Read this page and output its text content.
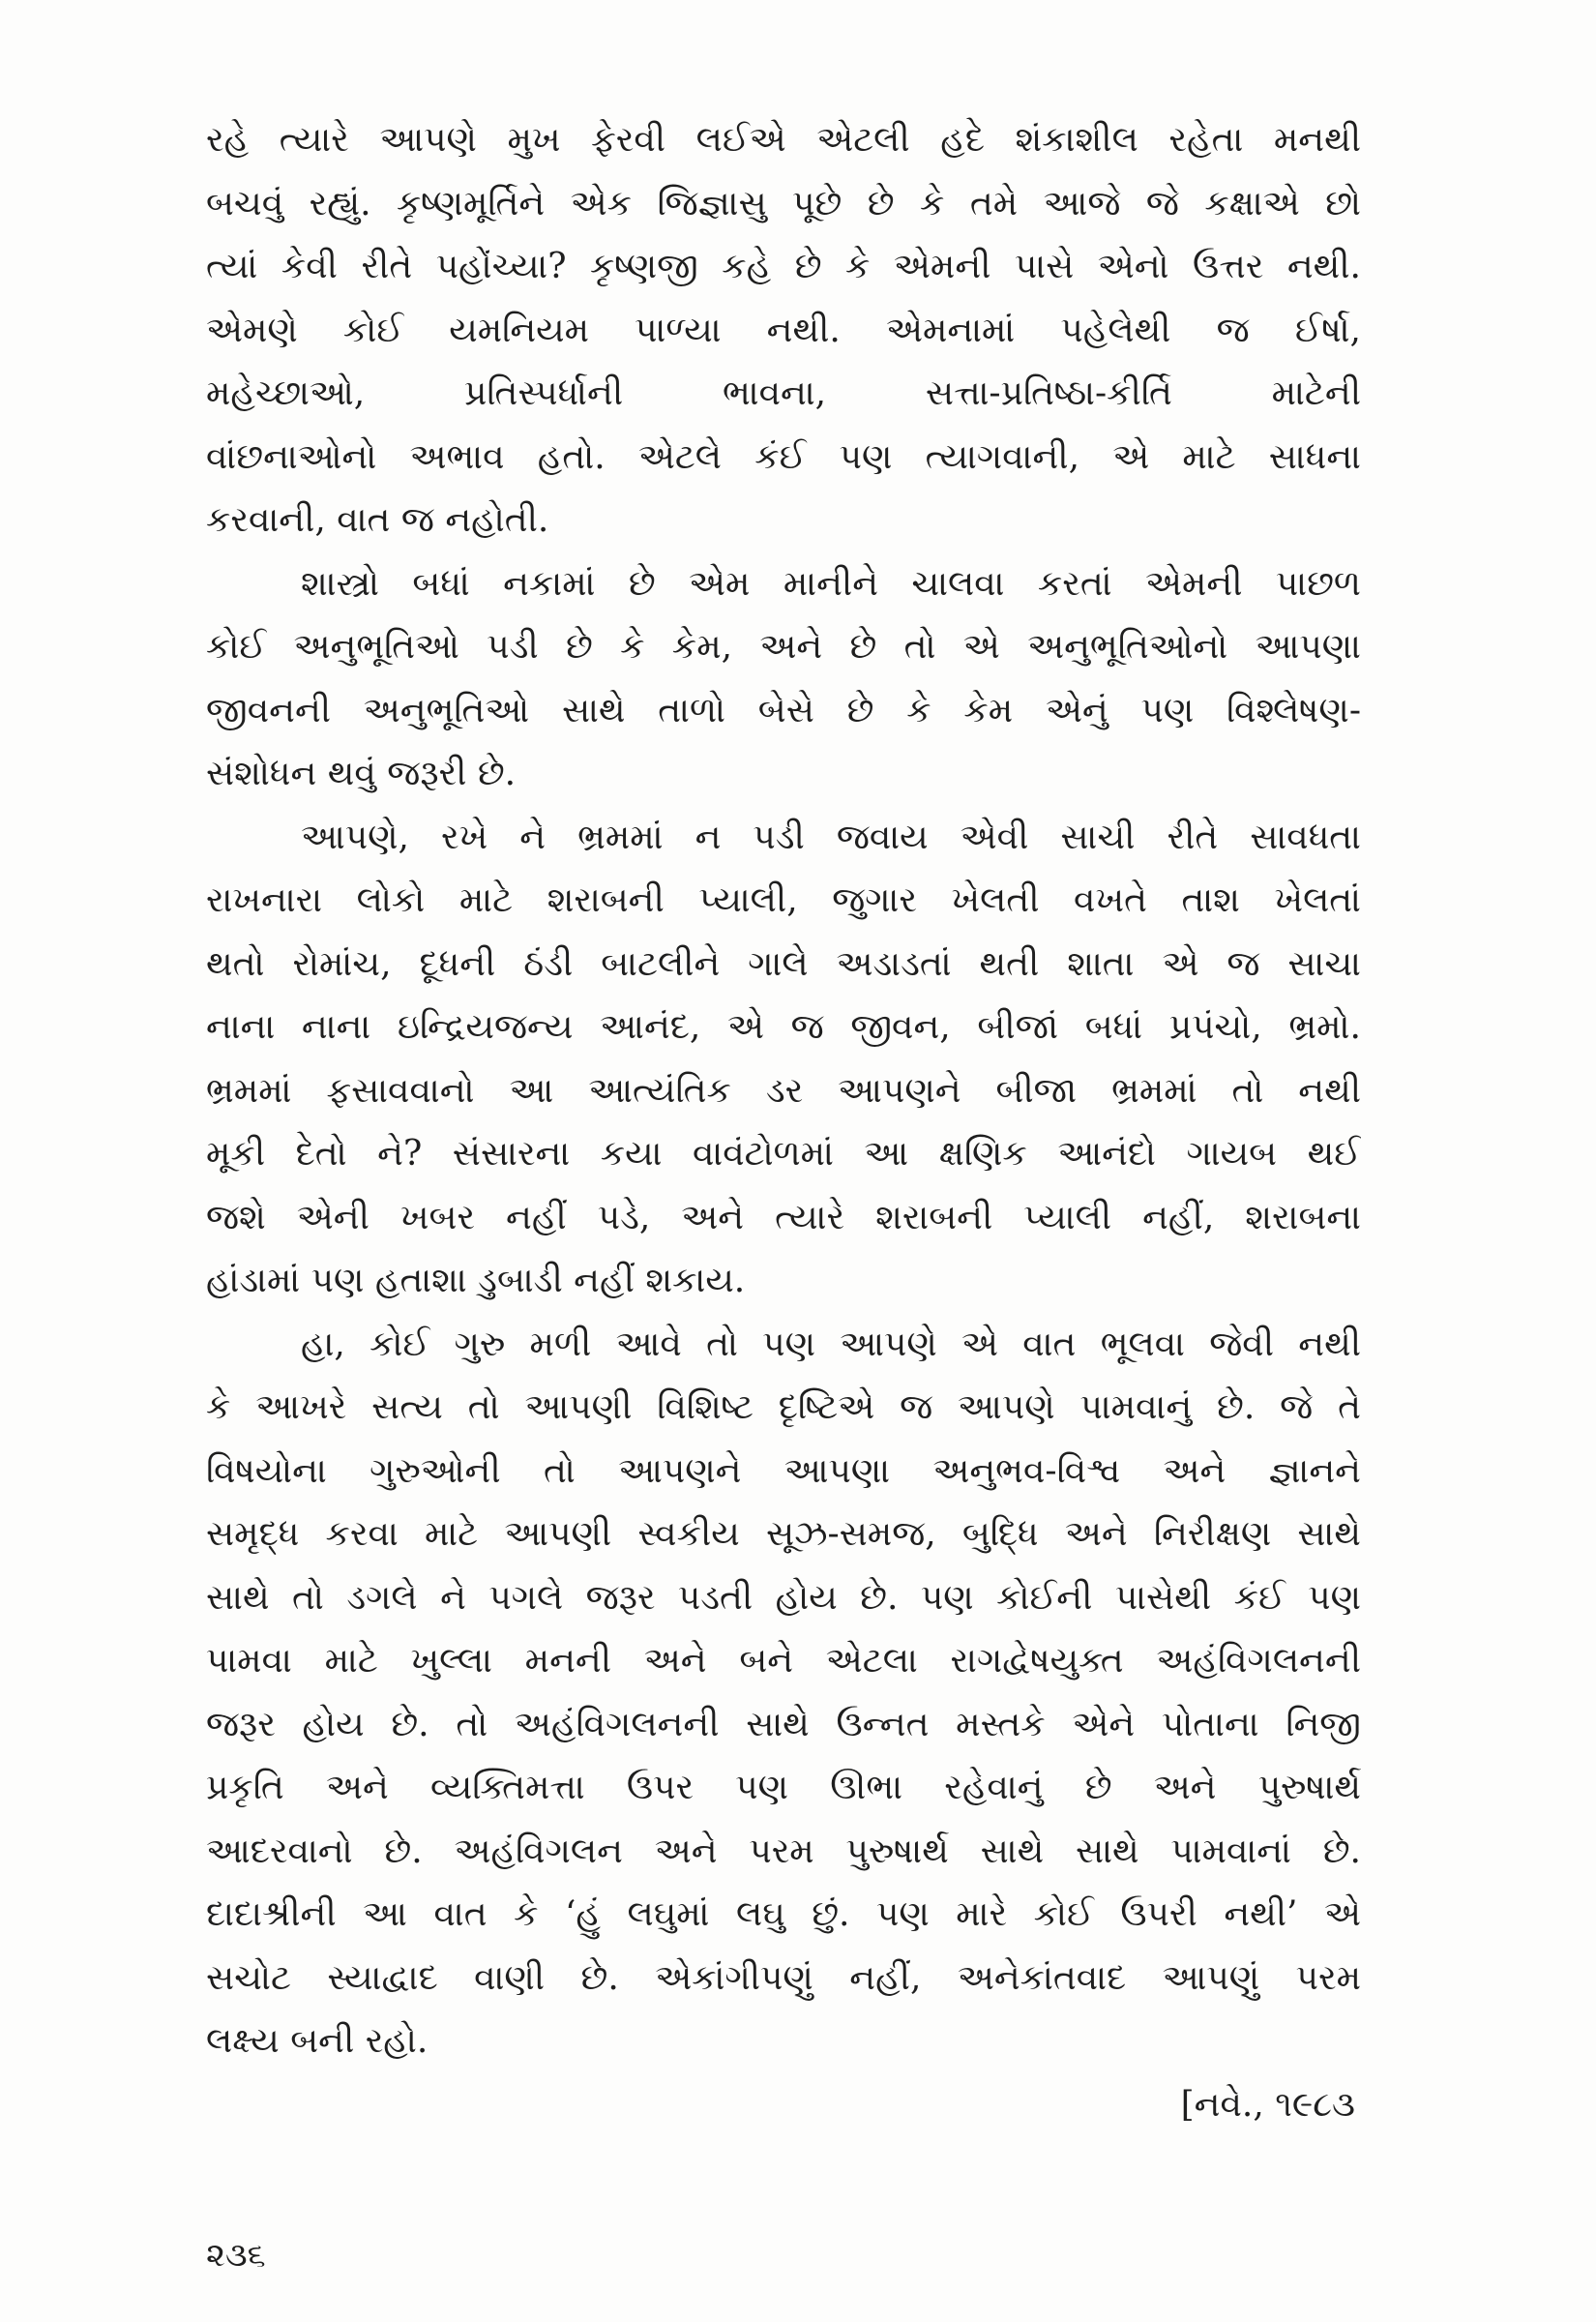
રહે ત્યારે આપણે મુખ ફેરવી લઈએ એટલી હદે શંકાશીલ રહેતા મનથી
બચવું રહ્યું. કૃષ્ણમૂર્તિને એક જિજ્ઞાસુ પૂછે છે કે તમે આજે જે કક્ષાએ છો
ત્યાં કેવી રીતે પહોંચ્યા? કૃષ્ણજી કહે છે કે એમની પાસે એનો ઉત્તર નથી.
એમણે કોઈ યમનિયમ પાળ્યા નથી. એમનામાં પહેલેથી જ ઈર્ષા,
મહેચ્છાઓ, પ્રતિસ્પર્ધાની ભાવના, સત્તા-પ્રતિષ્ઠા-કીર્તિ માટેની
વાંછનાઓનો અભાવ હતો. એટલે કંઈ પણ ત્યાગવાની, એ માટે સાધના
કરવાની, વાત જ નહોતી.
શાસ્ત્રો બધાં નકામાં છે એમ માનીને ચાલવા કરતાં એમની પાછળ
કોઈ અનુભૂતિઓ પડી છે કે કેમ, અને છે તો એ અનુભૂતિઓનો આપણા
જીવનની અનુભૂતિઓ સાથે તાળો બેસે છે કે કેમ એનું પણ વિશ્લેષણ-
સંશોધન થવું જરૂરી છે.
આપણે, રખે ને ભ્રમમાં ન પડી જવાય એવી સાચી રીતે સાવધતા
રાખનારા લોકો માટે શરાબની પ્યાલી, જુગાર ખેલતી વખતે તાશ ખેલતાં
થતો રોમાંચ, દૂધની ઠંડી બાટલીને ગાલે અડાડતાં થતી શાતા એ જ સાચા
નાના નાના ઇન્દ્રિયજન્ય આનંદ, એ જ જીવન, બીજાં બધાં પ્રપંચો, ભ્રમો.
ભ્રમમાં ફસાવવાનો આ આત્યંતિક ડર આપણને બીજા ભ્રમમાં તો નથી
મૂકી દેતો ને? સંસારના કયા વાવંટોળમાં આ ક્ષણિક આનંદો ગાયબ થઈ
જશે એની ખબર નહીં પડે, અને ત્યારે શરાબની પ્યાલી નહીં, શરાબના
હાંડામાં પણ હતાશા ડુબાડી નહીં શકાય.
હા, કોઈ ગુરુ મળી આવે તો પણ આપણે એ વાત ભૂલવા જેવી નથી
કે આખરે સત્ય તો આપણી વિશિષ્ટ દૃષ્ટિએ જ આપણે પામવાનું છે. જે તે
વિષયોના ગુરુઓની તો આપણને આપણા અનુભવ-વિશ્વ અને જ્ઞાનને
સમૃદ્ધ કરવા માટે આપણી સ્વકીય સૂઝ-સમજ, બુદ્ધિ અને નિરીક્ષણ સાથે
સાથે તો ડગલે ને પગલે જરૂર પડતી હોય છે. પણ કોઈની પાસેથી કંઈ પણ
પામવા માટે ખુલ્લા મનની અને બને એટલા રાગદ્વેષયુક્ત અહંવિગલનની
જરૂર હોય છે. તો અહંવિગલનની સાથે ઉન્નત મસ્તકે એને પોતાના નિજી
પ્રકૃતિ અને વ્યક્તિમત્તા ઉપર પણ ઊભા રહેવાનું છે અને પુરુષાર્થ
આદરવાનો છે. અહંવિગલન અને પરમ પુરુષાર્થ સાથે સાથે પામવાનાં છે.
દાદાશ્રીની આ વાત કે ‘હું લઘુમાં લઘુ છું. પણ મારે કોઈ ઉપરી નથી’ એ
સચોટ સ્યાદ્વાદ વાણી છે. એકાંગીપણું નહીં, અનેકાંતવાદ આપણું પરમ
લક્ષ્ય બની રહો.
[નવે., ૧૯૮૩
૨૩૬
